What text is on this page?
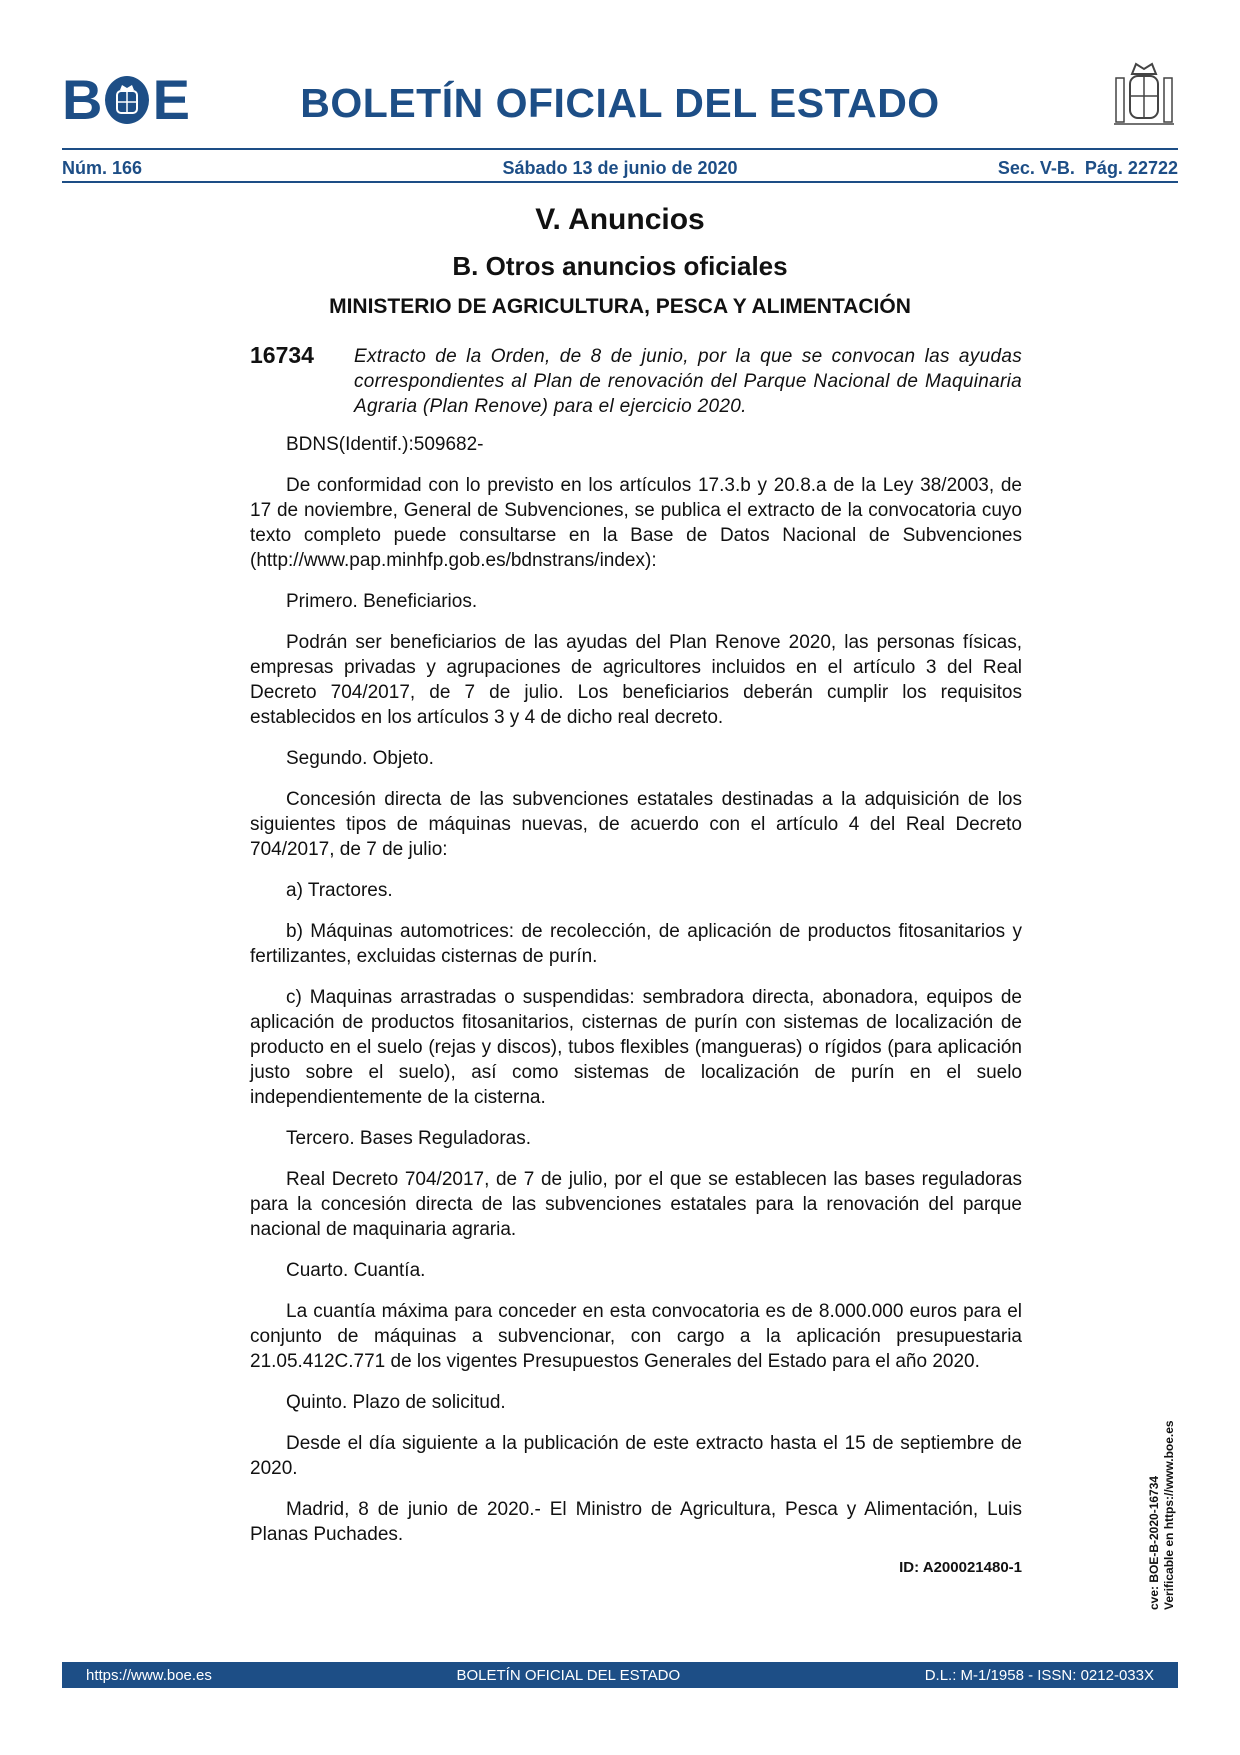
B E	BOLETÍN OFICIAL DEL ESTADO
Núm. 166	Sábado 13 de junio de 2020	Sec. V-B. Pág. 22722
V. Anuncios
B. Otros anuncios oficiales
MINISTERIO DE AGRICULTURA, PESCA Y ALIMENTACIÓN
16734 Extracto de la Orden, de 8 de junio, por la que se convocan las ayudas correspondientes al Plan de renovación del Parque Nacional de Maquinaria Agraria (Plan Renove) para el ejercicio 2020.

BDNS(Identif.):509682-

De conformidad con lo previsto en los artículos 17.3.b y 20.8.a de la Ley 38/2003, de 17 de noviembre, General de Subvenciones, se publica el extracto de la convocatoria cuyo texto completo puede consultarse en la Base de Datos Nacional de Subvenciones (http://www.pap.minhfp.gob.es/bdnstrans/index):

Primero. Beneficiarios.

Podrán ser beneficiarios de las ayudas del Plan Renove 2020, las personas físicas, empresas privadas y agrupaciones de agricultores incluidos en el artículo 3 del Real Decreto 704/2017, de 7 de julio. Los beneficiarios deberán cumplir los requisitos establecidos en los artículos 3 y 4 de dicho real decreto.

Segundo. Objeto.

Concesión directa de las subvenciones estatales destinadas a la adquisición de los siguientes tipos de máquinas nuevas, de acuerdo con el artículo 4 del Real Decreto 704/2017, de 7 de julio:

a) Tractores.

b) Máquinas automotrices: de recolección, de aplicación de productos fitosanitarios y fertilizantes, excluidas cisternas de purín.

c) Maquinas arrastradas o suspendidas: sembradora directa, abonadora, equipos de aplicación de productos fitosanitarios, cisternas de purín con sistemas de localización de producto en el suelo (rejas y discos), tubos flexibles (mangueras) o rígidos (para aplicación justo sobre el suelo), así como sistemas de localización de purín en el suelo independientemente de la cisterna.

Tercero. Bases Reguladoras.

Real Decreto 704/2017, de 7 de julio, por el que se establecen las bases reguladoras para la concesión directa de las subvenciones estatales para la renovación del parque nacional de maquinaria agraria.

Cuarto. Cuantía.

La cuantía máxima para conceder en esta convocatoria es de 8.000.000 euros para el conjunto de máquinas a subvencionar, con cargo a la aplicación presupuestaria 21.05.412C.771 de los vigentes Presupuestos Generales del Estado para el año 2020.

Quinto. Plazo de solicitud.

Desde el día siguiente a la publicación de este extracto hasta el 15 de septiembre de 2020.

Madrid, 8 de junio de 2020.- El Ministro de Agricultura, Pesca y Alimentación, Luis Planas Puchades.

ID: A200021480-1	cve: BOE-B-2020-16734 Verificable en https://www.boe.es
https://www.boe.es	BOLETÍN OFICIAL DEL ESTADO	D.L.: M-1/1958 - ISSN: 0212-033X
